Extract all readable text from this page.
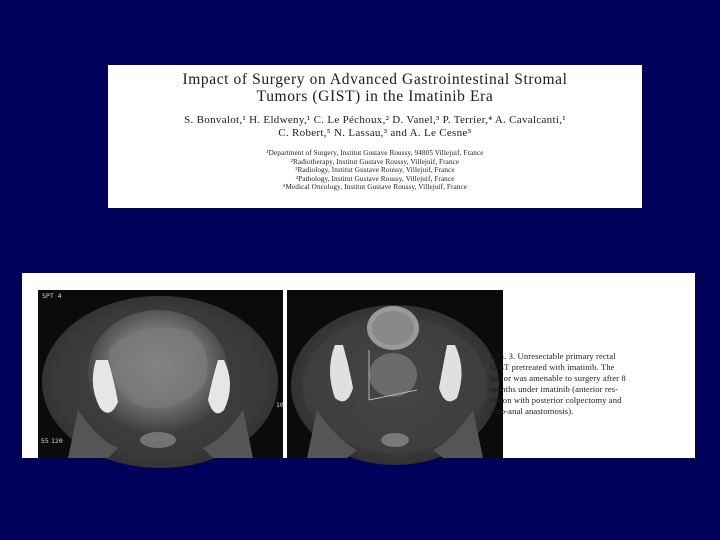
Impact of Surgery on Advanced Gastrointestinal Stromal
Tumors (GIST) in the Imatinib Era
S. Bonvalot,¹ H. Eldweny,¹ C. Le Péchoux,² D. Vanel,³ P. Terrier,⁴ A. Cavalcanti,¹
C. Robert,⁵ N. Lassau,³ and A. Le Cesne⁵
¹Department of Surgery, Institut Gustave Roussy, 94805 Villejuif, France
²Radiotherapy, Institut Gustave Roussy, Villejuif, France
³Radiology, Institut Gustave Roussy, Villejuif, France
⁴Pathology, Institut Gustave Roussy, Villejuif, France
⁵Medical Oncology, Institut Gustave Roussy, Villejuif, France
SPT 4
55 120
10
FIG. 3. Unresectable primary rectal
GIST pretreated with imatinib. The
tumor was amenable to surgery after 8
months under imatinib (anterior res-
ection with posterior colpectomy and
colo-anal anastomosis).
